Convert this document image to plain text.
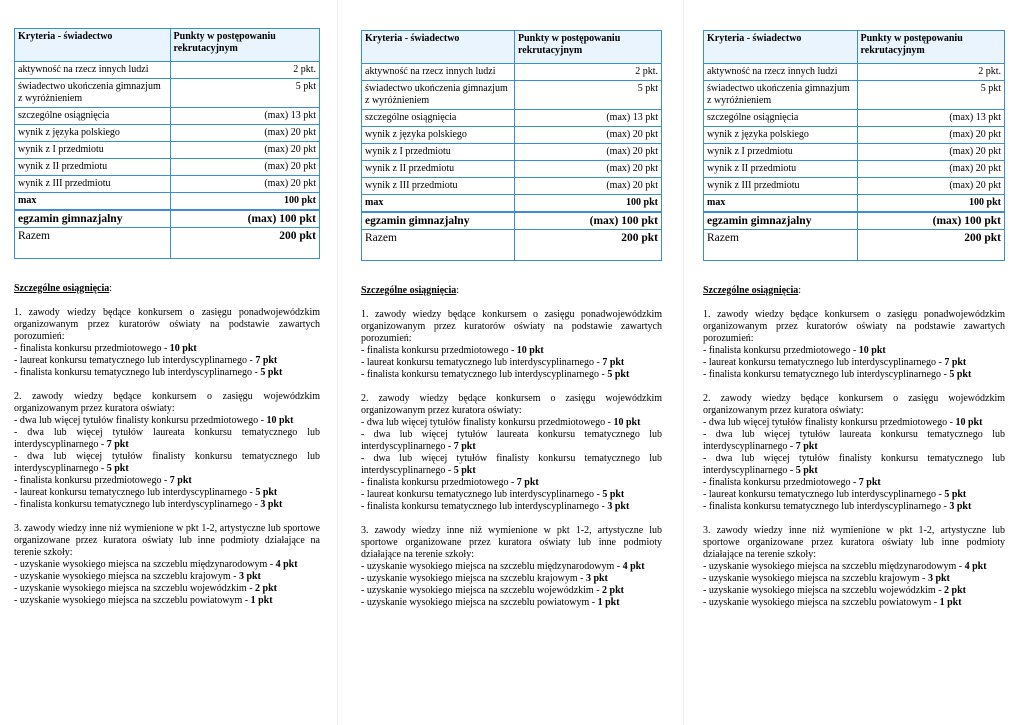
Kryteria - świadectwo	Punkty w postępowaniu rekrutacyjnym
aktywność na rzecz innych ludzi	2 pkt.
świadectwo ukończenia gimnazjum z wyróżnieniem	5 pkt
szczególne osiągnięcia	(max) 13 pkt
wynik z języka polskiego	(max) 20 pkt
wynik z I przedmiotu	(max) 20 pkt
wynik z II przedmiotu	(max) 20 pkt
wynik z III przedmiotu	(max) 20 pkt
max	100 pkt
egzamin gimnazjalny	(max) 100 pkt
Razem	200 pkt

Szczególne osiągnięcia:

1. zawody wiedzy będące konkursem o zasięgu ponadwojewódzkim organizowanym przez kuratorów oświaty na podstawie zawartych porozumień:

- finalista konkursu przedmiotowego - 10 pkt

- laureat konkursu tematycznego lub interdyscyplinarnego - 7 pkt

- finalista konkursu tematycznego lub interdyscyplinarnego - 5 pkt

2. zawody wiedzy będące konkursem o zasięgu wojewódzkim organizowanym przez kuratora oświaty:

- dwa lub więcej tytułów finalisty konkursu przedmiotowego - 10 pkt

- dwa lub więcej tytułów laureata konkursu tematycznego lub interdyscyplinarnego - 7 pkt

- dwa lub więcej tytułów finalisty konkursu tematycznego lub interdyscyplinarnego - 5 pkt

- finalista konkursu przedmiotowego - 7 pkt

- laureat konkursu tematycznego lub interdyscyplinarnego - 5 pkt

- finalista konkursu tematycznego lub interdyscyplinarnego - 3 pkt

3. zawody wiedzy inne niż wymienione w pkt 1-2, artystyczne lub sportowe organizowane przez kuratora oświaty lub inne podmioty działające na terenie szkoły:

- uzyskanie wysokiego miejsca na szczeblu międzynarodowym - 4 pkt

- uzyskanie wysokiego miejsca na szczeblu krajowym - 3 pkt

- uzyskanie wysokiego miejsca na szczeblu wojewódzkim - 2 pkt

- uzyskanie wysokiego miejsca na szczeblu powiatowym - 1 pkt

Kryteria - świadectwo	Punkty w postępowaniu rekrutacyjnym
aktywność na rzecz innych ludzi	2 pkt.
świadectwo ukończenia gimnazjum z wyróżnieniem	5 pkt
szczególne osiągnięcia	(max) 13 pkt
wynik z języka polskiego	(max) 20 pkt
wynik z I przedmiotu	(max) 20 pkt
wynik z II przedmiotu	(max) 20 pkt
wynik z III przedmiotu	(max) 20 pkt
max	100 pkt
egzamin gimnazjalny	(max) 100 pkt
Razem	200 pkt

Szczególne osiągnięcia:

1. zawody wiedzy będące konkursem o zasięgu ponadwojewódzkim organizowanym przez kuratorów oświaty na podstawie zawartych porozumień:

- finalista konkursu przedmiotowego - 10 pkt

- laureat konkursu tematycznego lub interdyscyplinarnego - 7 pkt

- finalista konkursu tematycznego lub interdyscyplinarnego - 5 pkt

2. zawody wiedzy będące konkursem o zasięgu wojewódzkim organizowanym przez kuratora oświaty:

- dwa lub więcej tytułów finalisty konkursu przedmiotowego - 10 pkt

- dwa lub więcej tytułów laureata konkursu tematycznego lub interdyscyplinarnego - 7 pkt

- dwa lub więcej tytułów finalisty konkursu tematycznego lub interdyscyplinarnego - 5 pkt

- finalista konkursu przedmiotowego - 7 pkt

- laureat konkursu tematycznego lub interdyscyplinarnego - 5 pkt

- finalista konkursu tematycznego lub interdyscyplinarnego - 3 pkt

3. zawody wiedzy inne niż wymienione w pkt 1-2, artystyczne lub sportowe organizowane przez kuratora oświaty lub inne podmioty działające na terenie szkoły:

- uzyskanie wysokiego miejsca na szczeblu międzynarodowym - 4 pkt

- uzyskanie wysokiego miejsca na szczeblu krajowym - 3 pkt

- uzyskanie wysokiego miejsca na szczeblu wojewódzkim - 2 pkt

- uzyskanie wysokiego miejsca na szczeblu powiatowym - 1 pkt

Kryteria - świadectwo	Punkty w postępowaniu rekrutacyjnym
aktywność na rzecz innych ludzi	2 pkt.
świadectwo ukończenia gimnazjum z wyróżnieniem	5 pkt
szczególne osiągnięcia	(max) 13 pkt
wynik z języka polskiego	(max) 20 pkt
wynik z I przedmiotu	(max) 20 pkt
wynik z II przedmiotu	(max) 20 pkt
wynik z III przedmiotu	(max) 20 pkt
max	100 pkt
egzamin gimnazjalny	(max) 100 pkt
Razem	200 pkt

Szczególne osiągnięcia:

1. zawody wiedzy będące konkursem o zasięgu ponadwojewódzkim organizowanym przez kuratorów oświaty na podstawie zawartych porozumień:

- finalista konkursu przedmiotowego - 10 pkt

- laureat konkursu tematycznego lub interdyscyplinarnego - 7 pkt

- finalista konkursu tematycznego lub interdyscyplinarnego - 5 pkt

2. zawody wiedzy będące konkursem o zasięgu wojewódzkim organizowanym przez kuratora oświaty:

- dwa lub więcej tytułów finalisty konkursu przedmiotowego - 10 pkt

- dwa lub więcej tytułów laureata konkursu tematycznego lub interdyscyplinarnego - 7 pkt

- dwa lub więcej tytułów finalisty konkursu tematycznego lub interdyscyplinarnego - 5 pkt

- finalista konkursu przedmiotowego - 7 pkt

- laureat konkursu tematycznego lub interdyscyplinarnego - 5 pkt

- finalista konkursu tematycznego lub interdyscyplinarnego - 3 pkt

3. zawody wiedzy inne niż wymienione w pkt 1-2, artystyczne lub sportowe organizowane przez kuratora oświaty lub inne podmioty działające na terenie szkoły:

- uzyskanie wysokiego miejsca na szczeblu międzynarodowym - 4 pkt

- uzyskanie wysokiego miejsca na szczeblu krajowym - 3 pkt

- uzyskanie wysokiego miejsca na szczeblu wojewódzkim - 2 pkt

- uzyskanie wysokiego miejsca na szczeblu powiatowym - 1 pkt
